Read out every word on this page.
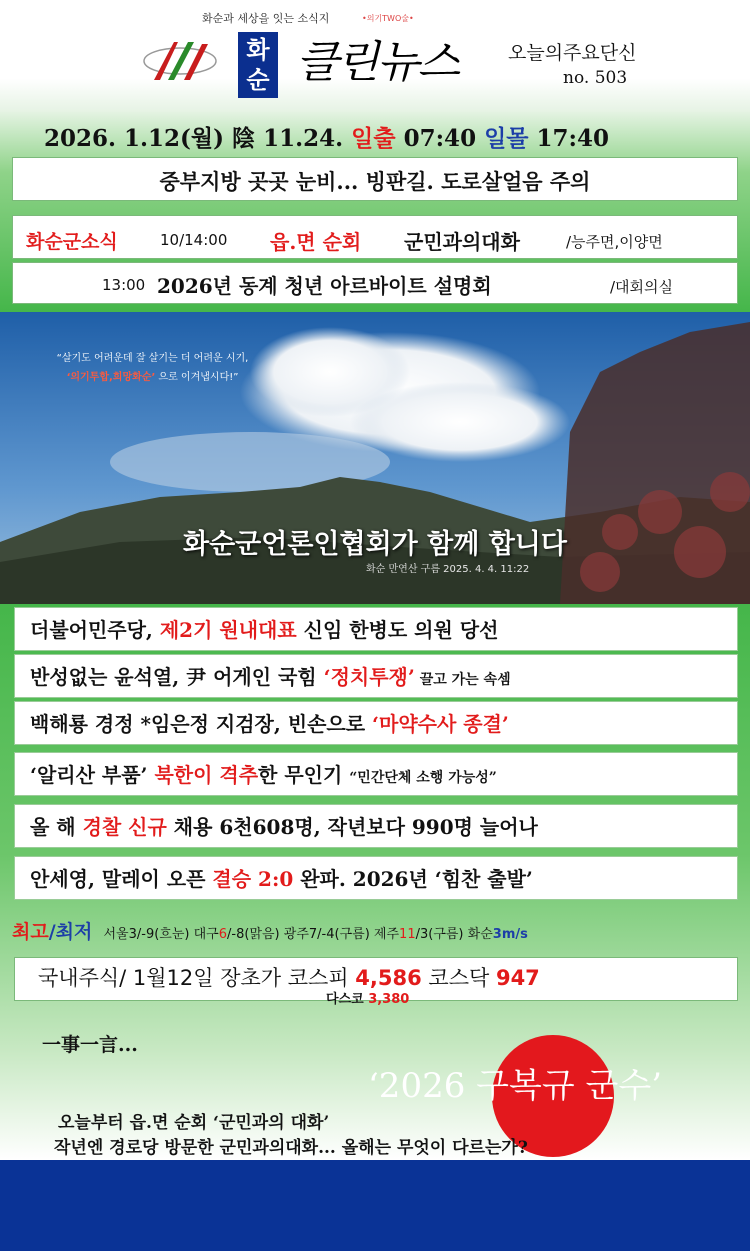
화순과 세상을 잇는 소식지	•의기TWO술•
화
순 클린뉴스	오늘의주요단신
no. 503
2026. 1.12(월) 陰 11.24. 일출 07:40 일몰 17:40
중부지방 곳곳 눈비... 빙판길. 도로살얼음 주의
화순군소식	10/14:00 읍.면 순회 군민과의대화	/능주면,이양면
13:00 2026년 동계 청년 아르바이트 설명회	/대회의실
“살기도 어려운데 잘 살기는 더 어려운 시기,
‘의기투합,희망화순’ 으로 이겨냅시다!”
화순군언론인협회가 함께 합니다
화순 만연산 구름 2025. 4. 4. 11:22
더불어민주당, 제2기 원내대표 신임 한병도 의원 당선
반성없는 윤석열, 尹 어게인 국힘 ‘정치투쟁’ 끌고 가는 속셈
백해룡 경정 *임은정 지검장, 빈손으로 ‘마약수사 종결’
‘알리산 부품’ 북한이 격추한 무인기 “민간단체 소행 가능성”
올 해 경찰 신규 채용 6천608명, 작년보다 990명 늘어나
안세영, 말레이 오픈 결승 2:0 완파. 2026년 ‘힘찬 출발’
최고/최저 서울3/-9(흐눈) 대구6/-8(맑음) 광주7/-4(구름) 제주11/3(구름) 화순3m/s
국내주식/ 1월12일 장초가 코스피 4,586 코스닥 947
다스코 3,380
一事一言...
‘2026 구복규 군수’
오늘부터 읍.면 순회 ‘군민과의 대화’
작년엔 경로당 방문한 군민과의대화... 올해는 무엇이 다르는가?
